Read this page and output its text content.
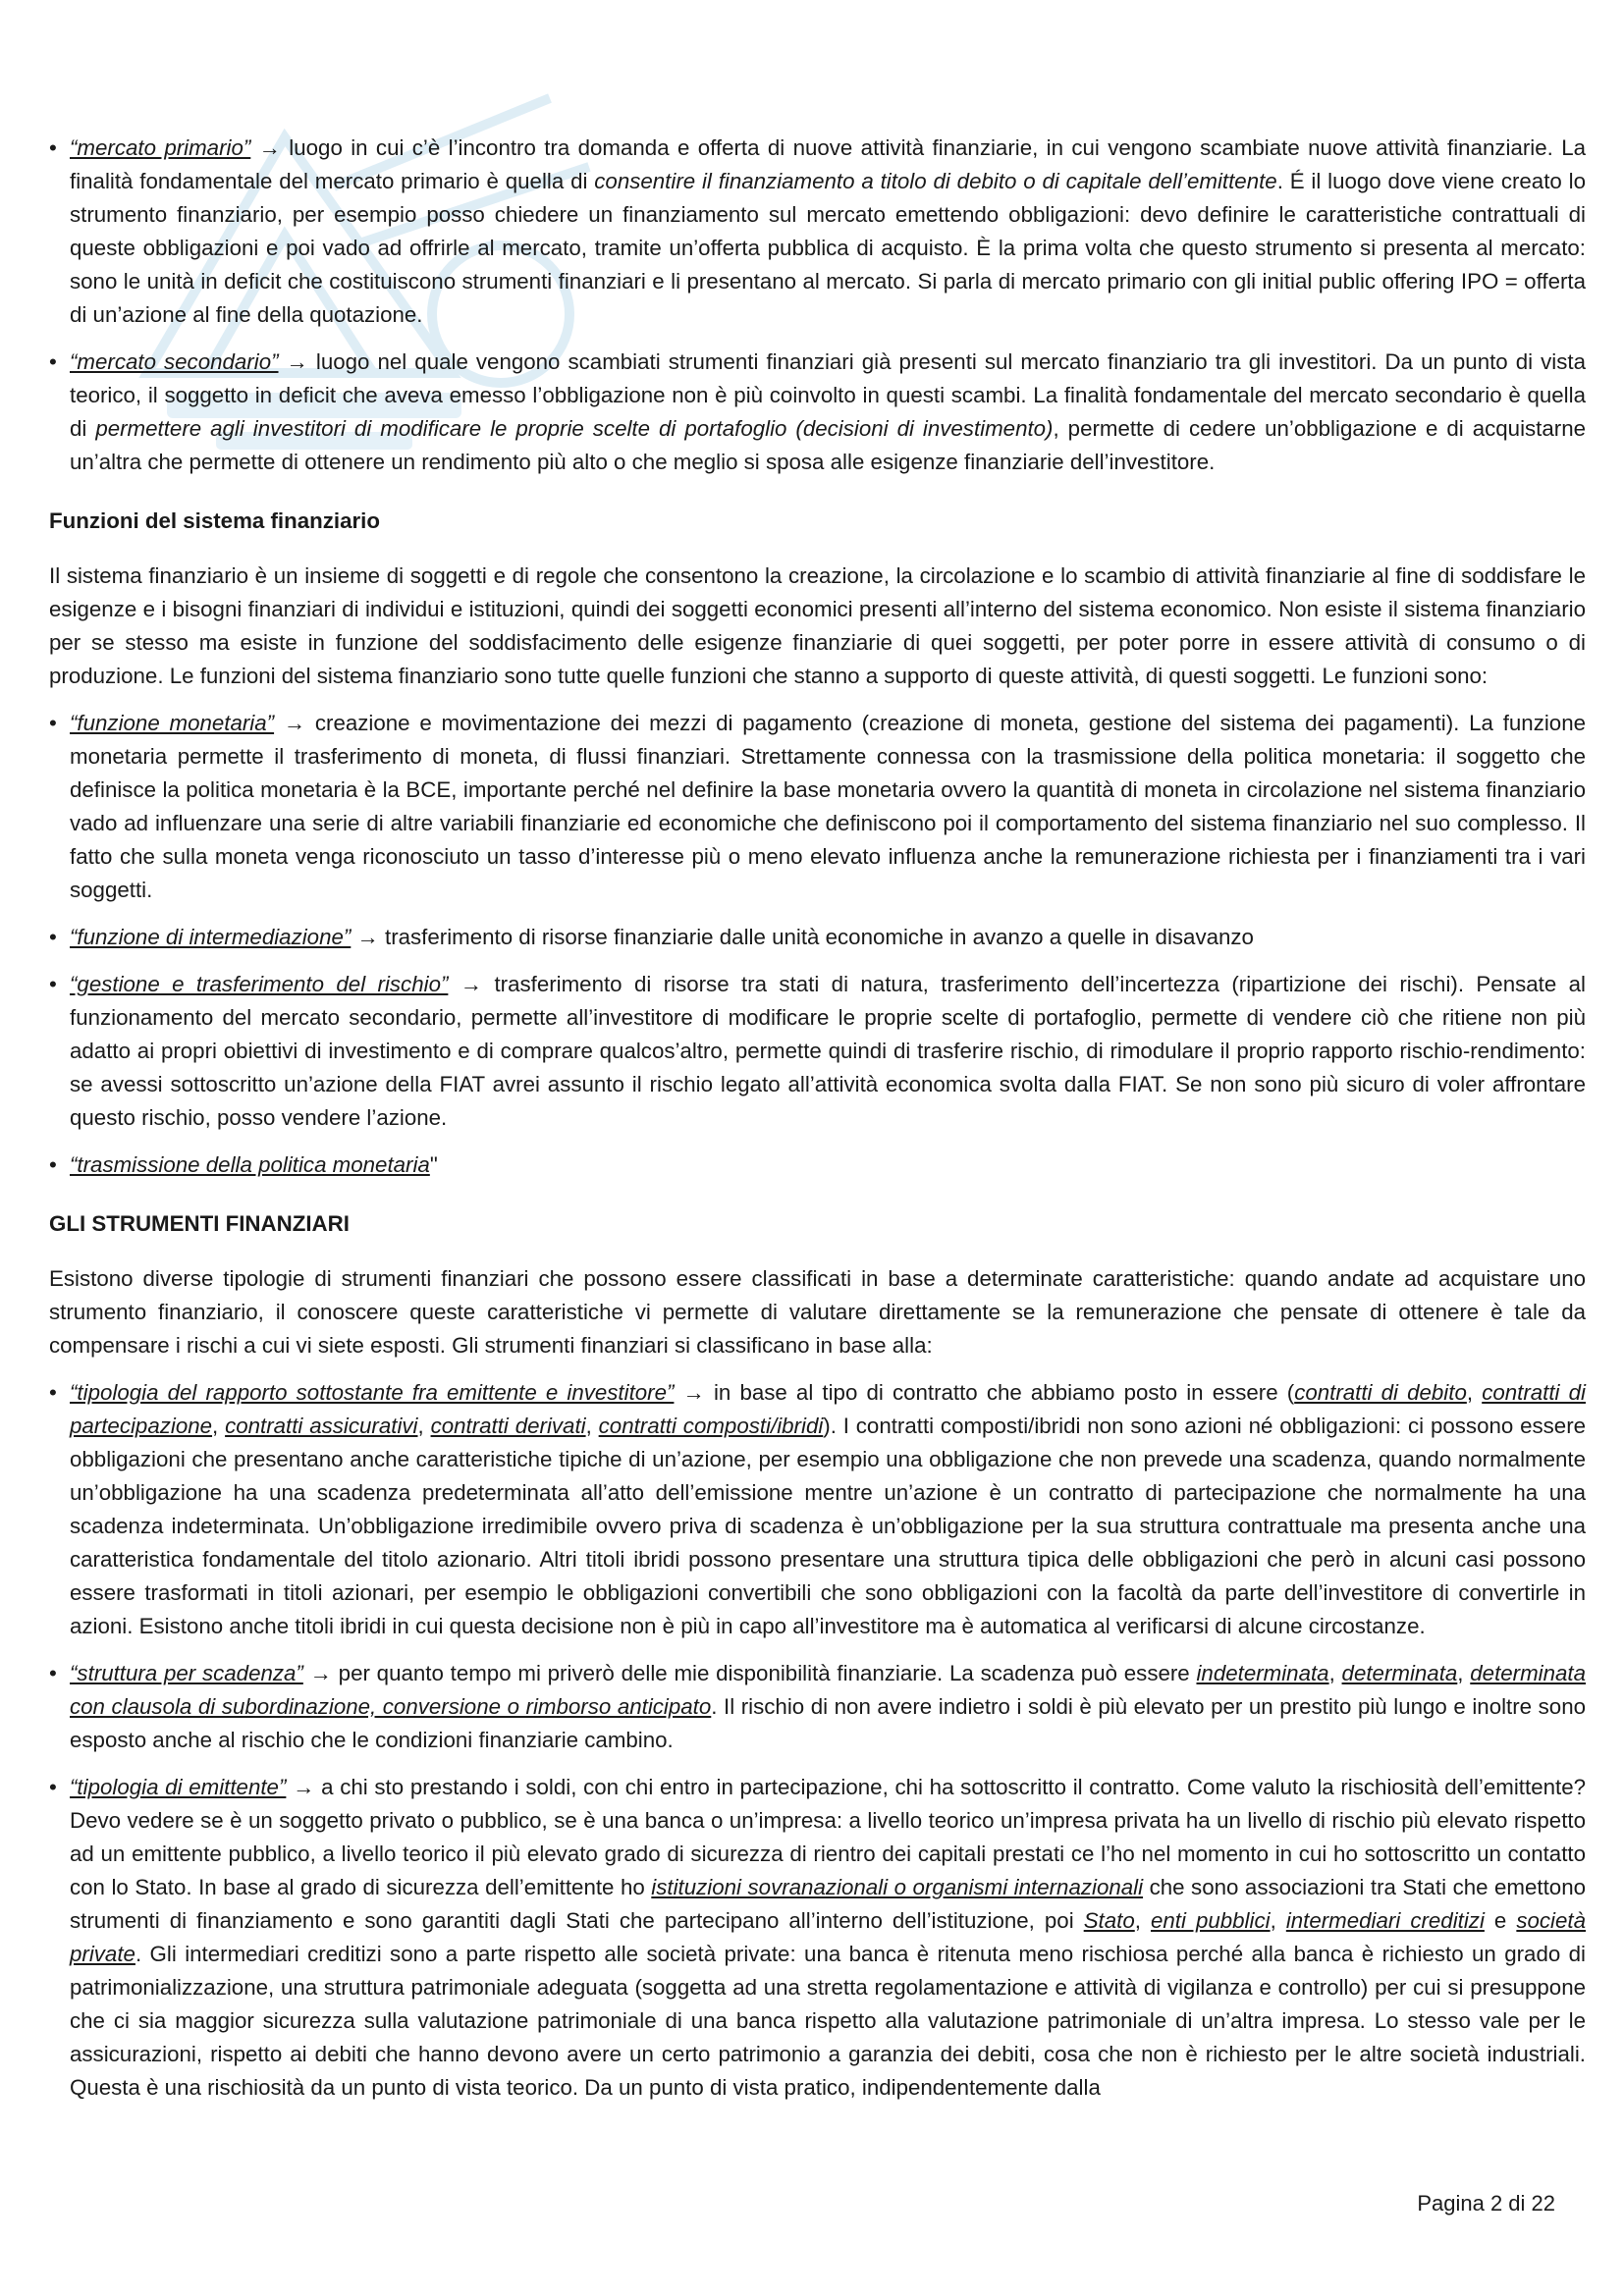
• “mercato primario” → luogo in cui c’è l’incontro tra domanda e offerta di nuove attività finanziarie, in cui vengono scambiate nuove attività finanziarie. La finalità fondamentale del mercato primario è quella di consentire il finanziamento a titolo di debito o di capitale dell’emittente. É il luogo dove viene creato lo strumento finanziario, per esempio posso chiedere un finanziamento sul mercato emettendo obbligazioni: devo definire le caratteristiche contrattuali di queste obbligazioni e poi vado ad offrirle al mercato, tramite un’offerta pubblica di acquisto. È la prima volta che questo strumento si presenta al mercato: sono le unità in deficit che costituiscono strumenti finanziari e li presentano al mercato. Si parla di mercato primario con gli initial public offering IPO = offerta di un’azione al fine della quotazione.
• “mercato secondario” → luogo nel quale vengono scambiati strumenti finanziari già presenti sul mercato finanziario tra gli investitori. Da un punto di vista teorico, il soggetto in deficit che aveva emesso l’obbligazione non è più coinvolto in questi scambi. La finalità fondamentale del mercato secondario è quella di permettere agli investitori di modificare le proprie scelte di portafoglio (decisioni di investimento), permette di cedere un’obbligazione e di acquistarne un’altra che permette di ottenere un rendimento più alto o che meglio si sposa alle esigenze finanziarie dell’investitore.
Funzioni del sistema finanziario
Il sistema finanziario è un insieme di soggetti e di regole che consentono la creazione, la circolazione e lo scambio di attività finanziarie al fine di soddisfare le esigenze e i bisogni finanziari di individui e istituzioni, quindi dei soggetti economici presenti all’interno del sistema economico. Non esiste il sistema finanziario per se stesso ma esiste in funzione del soddisfacimento delle esigenze finanziarie di quei soggetti, per poter porre in essere attività di consumo o di produzione. Le funzioni del sistema finanziario sono tutte quelle funzioni che stanno a supporto di queste attività, di questi soggetti. Le funzioni sono:
• “funzione monetaria” → creazione e movimentazione dei mezzi di pagamento (creazione di moneta, gestione del sistema dei pagamenti). La funzione monetaria permette il trasferimento di moneta, di flussi finanziari. Strettamente connessa con la trasmissione della politica monetaria: il soggetto che definisce la politica monetaria è la BCE, importante perché nel definire la base monetaria ovvero la quantità di moneta in circolazione nel sistema finanziario vado ad influenzare una serie di altre variabili finanziarie ed economiche che definiscono poi il comportamento del sistema finanziario nel suo complesso. Il fatto che sulla moneta venga riconosciuto un tasso d’interesse più o meno elevato influenza anche la remunerazione richiesta per i finanziamenti tra i vari soggetti.
• “funzione di intermediazione” → trasferimento di risorse finanziarie dalle unità economiche in avanzo a quelle in disavanzo
• “gestione e trasferimento del rischio” → trasferimento di risorse tra stati di natura, trasferimento dell’incertezza (ripartizione dei rischi). Pensate al funzionamento del mercato secondario, permette all’investitore di modificare le proprie scelte di portafoglio, permette di vendere ciò che ritiene non più adatto ai propri obiettivi di investimento e di comprare qualcos’altro, permette quindi di trasferire rischio, di rimodulare il proprio rapporto rischio-rendimento: se avessi sottoscritto un’azione della FIAT avrei assunto il rischio legato all’attività economica svolta dalla FIAT. Se non sono più sicuro di voler affrontare questo rischio, posso vendere l’azione.
• “trasmissione della politica monetaria"
GLI STRUMENTI FINANZIARI
Esistono diverse tipologie di strumenti finanziari che possono essere classificati in base a determinate caratteristiche: quando andate ad acquistare uno strumento finanziario, il conoscere queste caratteristiche vi permette di valutare direttamente se la remunerazione che pensate di ottenere è tale da compensare i rischi a cui vi siete esposti. Gli strumenti finanziari si classificano in base alla:
• “tipologia del rapporto sottostante fra emittente e investitore” → in base al tipo di contratto che abbiamo posto in essere (contratti di debito, contratti di partecipazione, contratti assicurativi, contratti derivati, contratti composti/ibridi). I contratti composti/ibridi non sono azioni né obbligazioni: ci possono essere obbligazioni che presentano anche caratteristiche tipiche di un’azione, per esempio una obbligazione che non prevede una scadenza, quando normalmente un’obbligazione ha una scadenza predeterminata all’atto dell’emissione mentre un’azione è un contratto di partecipazione che normalmente ha una scadenza indeterminata. Un’obbligazione irredimibile ovvero priva di scadenza è un’obbligazione per la sua struttura contrattuale ma presenta anche una caratteristica fondamentale del titolo azionario. Altri titoli ibridi possono presentare una struttura tipica delle obbligazioni che però in alcuni casi possono essere trasformati in titoli azionari, per esempio le obbligazioni convertibili che sono obbligazioni con la facoltà da parte dell’investitore di convertirle in azioni. Esistono anche titoli ibridi in cui questa decisione non è più in capo all’investitore ma è automatica al verificarsi di alcune circostanze.
• “struttura per scadenza” → per quanto tempo mi priverò delle mie disponibilità finanziarie. La scadenza può essere indeterminata, determinata, determinata con clausola di subordinazione, conversione o rimborso anticipato. Il rischio di non avere indietro i soldi è più elevato per un prestito più lungo e inoltre sono esposto anche al rischio che le condizioni finanziarie cambino.
• “tipologia di emittente” → a chi sto prestando i soldi, con chi entro in partecipazione, chi ha sottoscritto il contratto. Come valuto la rischiosità dell’emittente? Devo vedere se è un soggetto privato o pubblico, se è una banca o un’impresa: a livello teorico un’impresa privata ha un livello di rischio più elevato rispetto ad un emittente pubblico, a livello teorico il più elevato grado di sicurezza di rientro dei capitali prestati ce l’ho nel momento in cui ho sottoscritto un contatto con lo Stato. In base al grado di sicurezza dell’emittente ho istituzioni sovranazionali o organismi internazionali che sono associazioni tra Stati che emettono strumenti di finanziamento e sono garantiti dagli Stati che partecipano all’interno dell’istituzione, poi Stato, enti pubblici, intermediari creditizi e società private. Gli intermediari creditizi sono a parte rispetto alle società private: una banca è ritenuta meno rischiosa perché alla banca è richiesto un grado di patrimonializzazione, una struttura patrimoniale adeguata (soggetta ad una stretta regolamentazione e attività di vigilanza e controllo) per cui si presuppone che ci sia maggior sicurezza sulla valutazione patrimoniale di una banca rispetto alla valutazione patrimoniale di un’altra impresa. Lo stesso vale per le assicurazioni, rispetto ai debiti che hanno devono avere un certo patrimonio a garanzia dei debiti, cosa che non è richiesto per le altre società industriali. Questa è una rischiosità da un punto di vista teorico. Da un punto di vista pratico, indipendentemente dalla
Pagina 2 di 22
